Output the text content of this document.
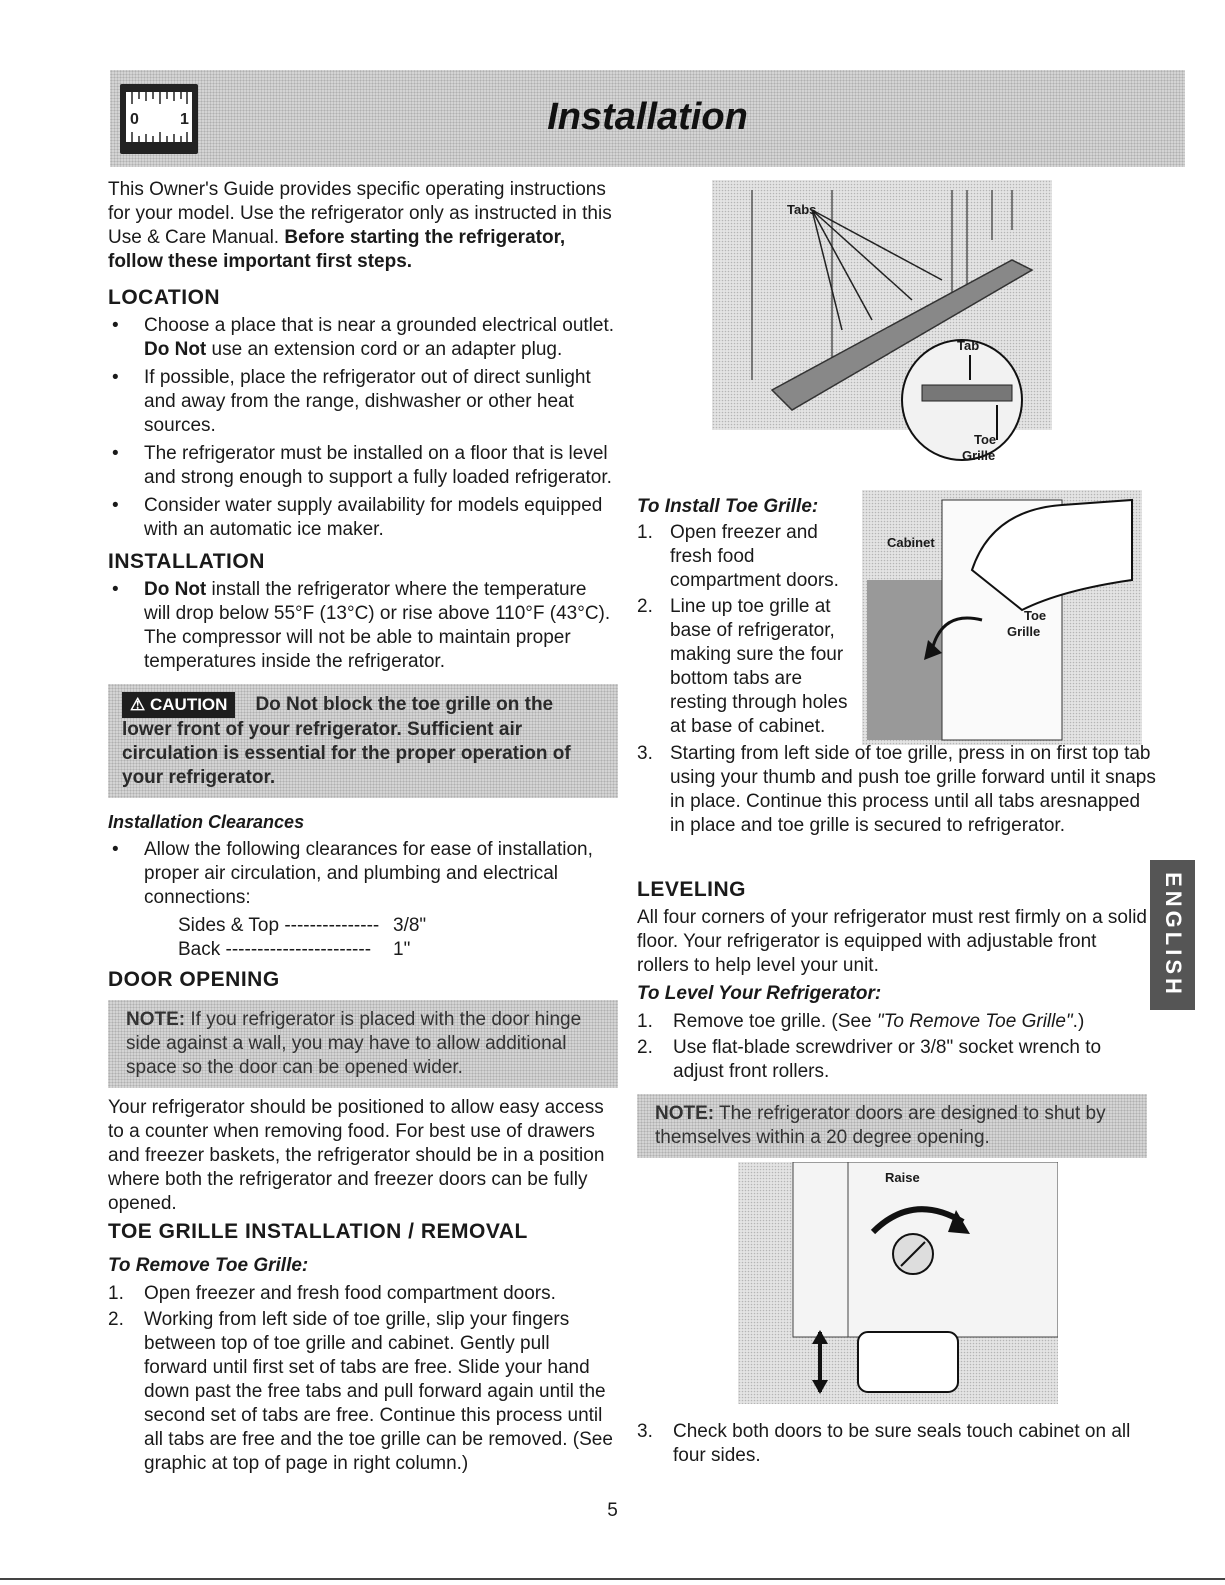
0	1	Installation

This Owner's Guide provides specific operating instructions for your model. Use the refrigerator only as instructed in this Use & Care Manual. Before starting the refrigerator, follow these important first steps.

LOCATION
• Choose a place that is near a grounded electrical outlet. Do Not use an extension cord or an adapter plug.
• If possible, place the refrigerator out of direct sunlight and away from the range, dishwasher or other heat sources.
• The refrigerator must be installed on a floor that is level and strong enough to support a fully loaded refrigerator.
• Consider water supply availability for models equipped with an automatic ice maker.
INSTALLATION
• Do Not install the refrigerator where the temperature will drop below 55°F (13°C) or rise above 110°F (43°C). The compressor will not be able to maintain proper temperatures inside the refrigerator.
⚠ CAUTION Do Not block the toe grille on the lower front of your refrigerator. Sufficient air circulation is essential for the proper operation of your refrigerator.
Installation Clearances
• Allow the following clearances for ease of installation, proper air circulation, and plumbing and electrical connections:
Sides & Top --------------- 3/8"
Back -----------------------	1"
DOOR OPENING
NOTE: If you refrigerator is placed with the door hinge side against a wall, you may have to allow additional space so the door can be opened wider.

Your refrigerator should be positioned to allow easy access to a counter when removing food. For best use of drawers and freezer baskets, the refrigerator should be in a position where both the refrigerator and freezer doors can be fully opened.

TOE GRILLE INSTALLATION / REMOVAL
To Remove Toe Grille:
1. Open freezer and fresh food compartment doors.
2. Working from left side of toe grille, slip your fingers between top of toe grille and cabinet. Gently pull forward until first set of tabs are free. Slide your hand down past the free tabs and pull forward again until the second set of tabs are free. Continue this process until all tabs are free and the toe grille can be removed. (See graphic at top of page in right column.)
Tabs
Tab
Toe
Grille
Cabinet
Toe
Grille
Raise
To Install Toe Grille:
1. Open freezer and fresh food compartment doors.
2. Line up toe grille at base of refrigerator, making sure the four bottom tabs are resting through holes at base of cabinet.
3. Starting from left side of toe grille, press in on first top tab using your thumb and push toe grille forward until it snaps in place. Continue this process until all tabs aresnapped in place and toe grille is secured to refrigerator.
LEVELING

All four corners of your refrigerator must rest firmly on a solid floor. Your refrigerator is equipped with adjustable front rollers to help level your unit.

To Level Your Refrigerator:
1. Remove toe grille. (See "To Remove Toe Grille".)
2. Use flat-blade screwdriver or 3/8" socket wrench to adjust front rollers.
NOTE: The refrigerator doors are designed to shut by themselves within a 20 degree opening.
3. Check both doors to be sure seals touch cabinet on all four sides.
ENGLISH
5
